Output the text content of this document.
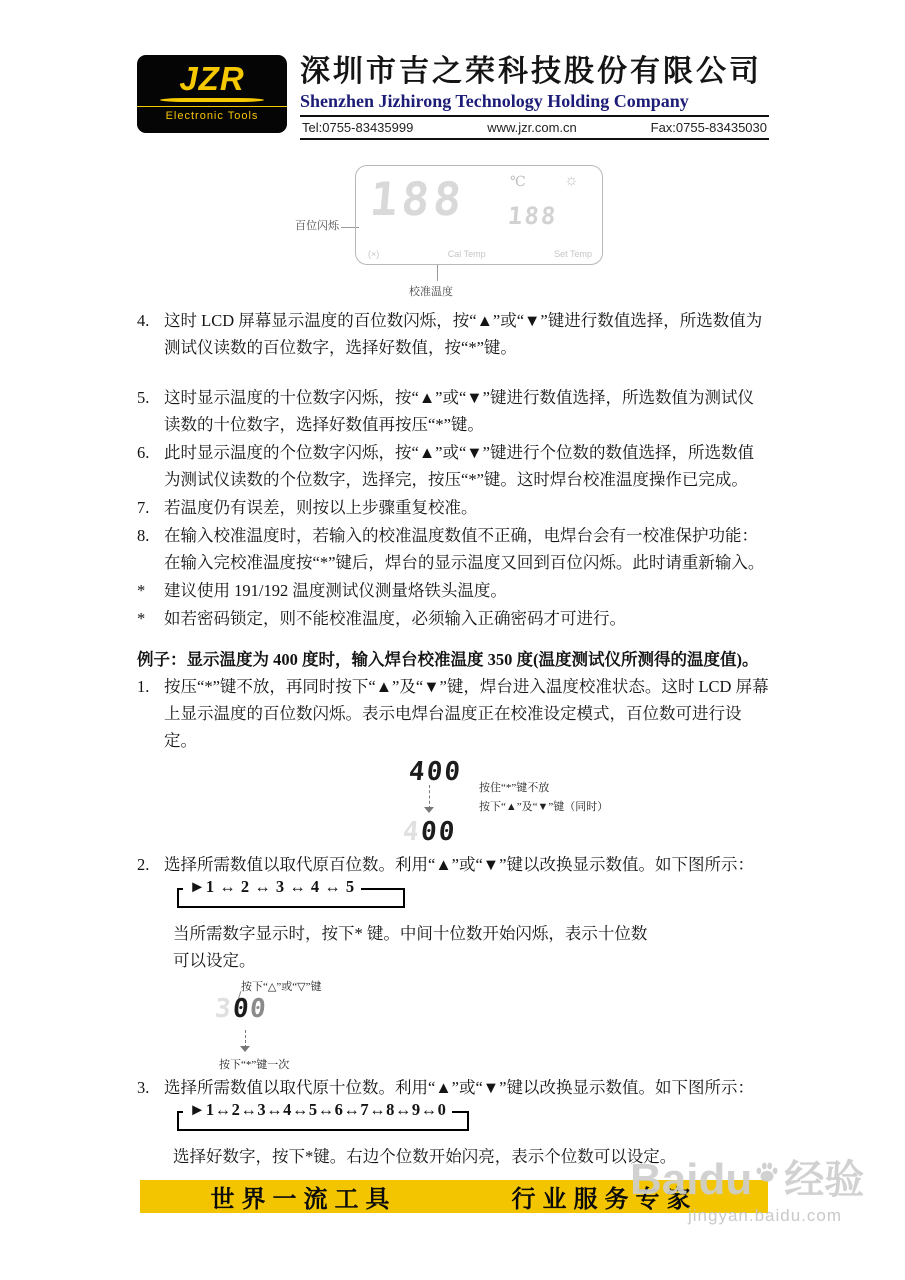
JZR
Electronic Tools
深圳市吉之荣科技股份有限公司
Shenzhen Jizhirong Technology Holding Company
Tel:0755-83435999	www.jzr.com.cn	Fax:0755-83435030
百位闪烁 188	℃ ☼
188
(×)	Cal Temp	Set Temp
校准温度
4. 这时 LCD 屏幕显示温度的百位数闪烁，按“▲”或“▼”键进行数值选择，所选数值为测试仪读数的百位数字，选择好数值，按“*”键。
5. 这时显示温度的十位数字闪烁，按“▲”或“▼”键进行数值选择，所选数值为测试仪读数的十位数字，选择好数值再按压“*”键。
6. 此时显示温度的个位数字闪烁，按“▲”或“▼”键进行个位数的数值选择，所选数值为测试仪读数的个位数字，选择完，按压“*”键。这时焊台校准温度操作已完成。
7. 若温度仍有误差，则按以上步骤重复校准。
8. 在输入校准温度时，若输入的校准温度数值不正确，电焊台会有一校准保护功能：在输入完校准温度按“*”键后，焊台的显示温度又回到百位闪烁。此时请重新输入。
*	建议使用 191/192 温度测试仪测量烙铁头温度。
*	如若密码锁定，则不能校准温度，必须输入正确密码才可进行。
例子：显示温度为 400 度时，输入焊台校准温度 350 度(温度测试仪所测得的温度值)。
1. 按压“*”键不放，再同时按下“▲”及“▼”键，焊台进入温度校准状态。这时 LCD 屏幕上显示温度的百位数闪烁。表示电焊台温度正在校准设定模式，百位数可进行设定。
400
400
按住“*”键不放
按下“▲”及“▼”键（同时）
2. 选择所需数值以取代原百位数。利用“▲”或“▼”键以改换显示数值。如下图所示：
►1 ↔ 2 ↔ 3 ↔ 4 ↔ 5
当所需数字显示时，按下* 键。中间十位数开始闪烁，表示十位数可以设定。
按下“△”或“▽”键
300
按下“*”键一次
3. 选择所需数值以取代原十位数。利用“▲”或“▼”键以改换显示数值。如下图所示：
►1↔2↔3↔4↔5↔6↔7↔8↔9↔0
选择好数字，按下*键。右边个位数开始闪亮，表示个位数可以设定。
世界一流工具	行业服务专家
Baidu 经验
jingyan.baidu.com
